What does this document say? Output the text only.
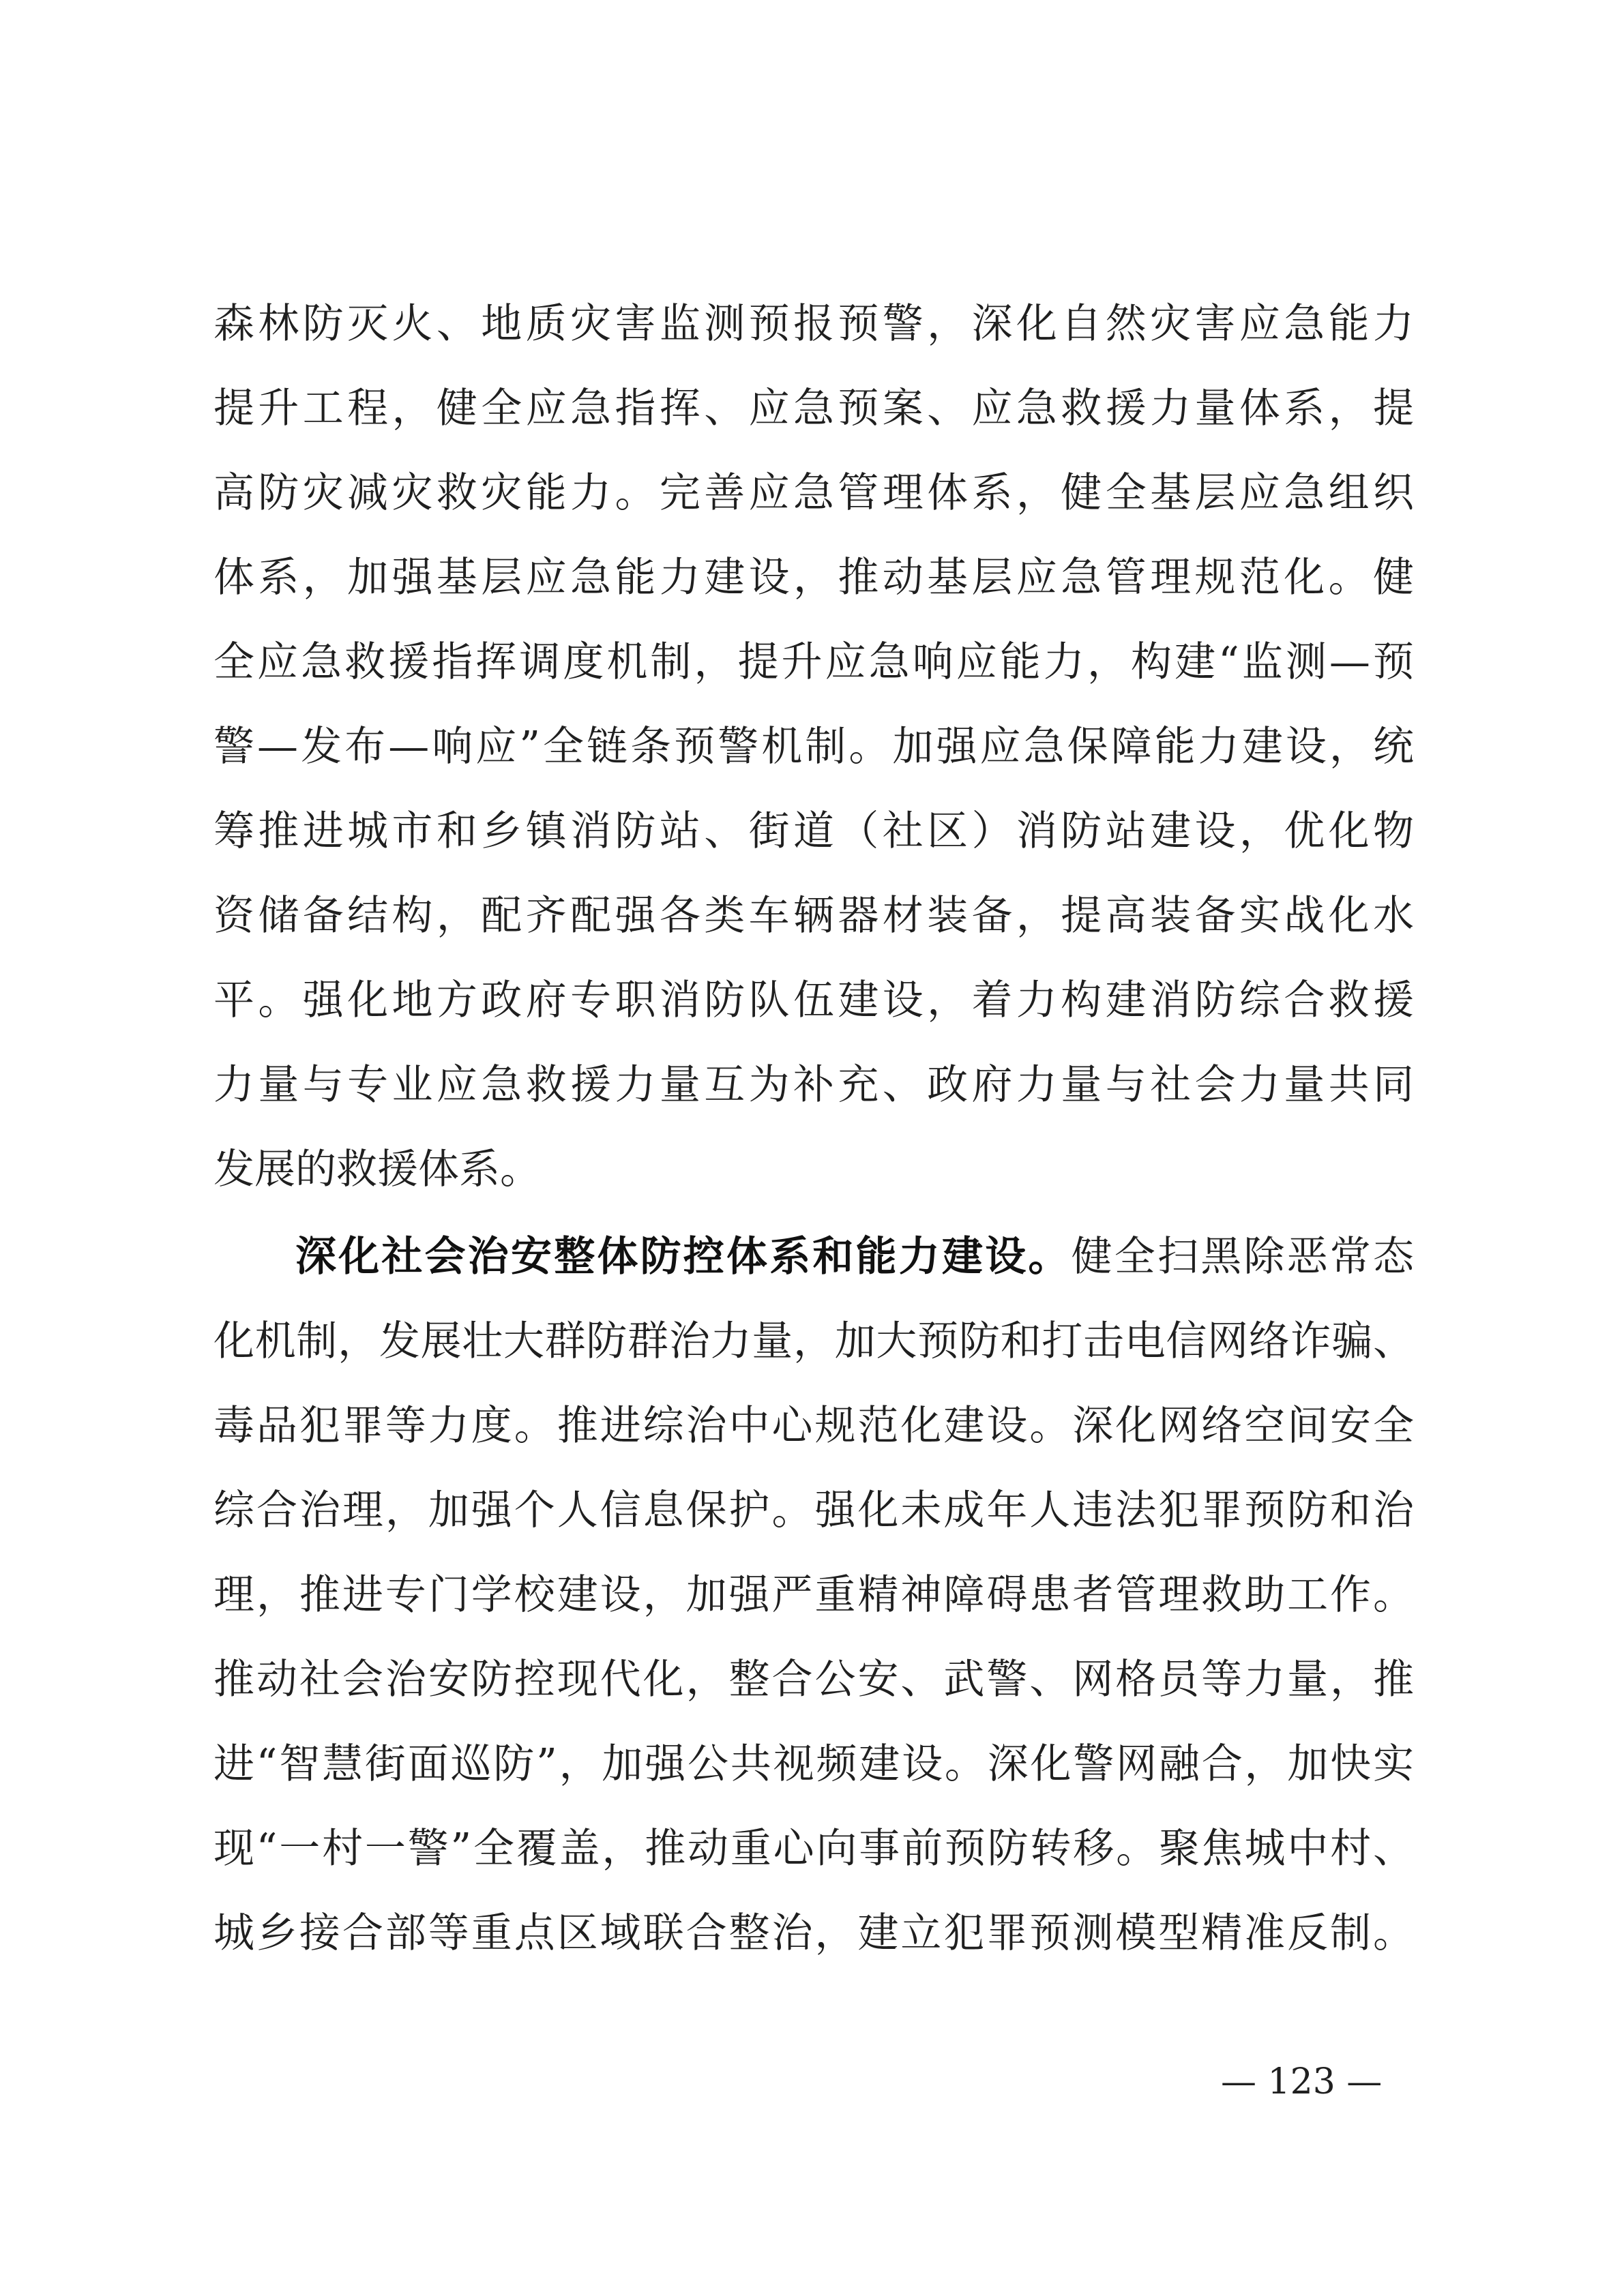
森林防灭火、地质灾害监测预报预警，深化自然灾害应急能力
提升工程，健全应急指挥、应急预案、应急救援力量体系，提
高防灾减灾救灾能力。完善应急管理体系，健全基层应急组织
体系，加强基层应急能力建设，推动基层应急管理规范化。健
全应急救援指挥调度机制，提升应急响应能力，构建“监测—预
警—发布—响应”全链条预警机制。加强应急保障能力建设，统
筹推进城市和乡镇消防站、街道（社区）消防站建设，优化物
资储备结构，配齐配强各类车辆器材装备，提高装备实战化水
平。强化地方政府专职消防队伍建设，着力构建消防综合救援
力量与专业应急救援力量互为补充、政府力量与社会力量共同
发展的救援体系。
深化社会治安整体防控体系和能力建设。健全扫黑除恶常态
化机制，发展壮大群防群治力量，加大预防和打击电信网络诈骗、
毒品犯罪等力度。推进综治中心规范化建设。深化网络空间安全
综合治理，加强个人信息保护。强化未成年人违法犯罪预防和治
理，推进专门学校建设，加强严重精神障碍患者管理救助工作。
推动社会治安防控现代化，整合公安、武警、网格员等力量，推
进“智慧街面巡防”，加强公共视频建设。深化警网融合，加快实
现“一村一警”全覆盖，推动重心向事前预防转移。聚焦城中村、
城乡接合部等重点区域联合整治，建立犯罪预测模型精准反制。
— 123 —
